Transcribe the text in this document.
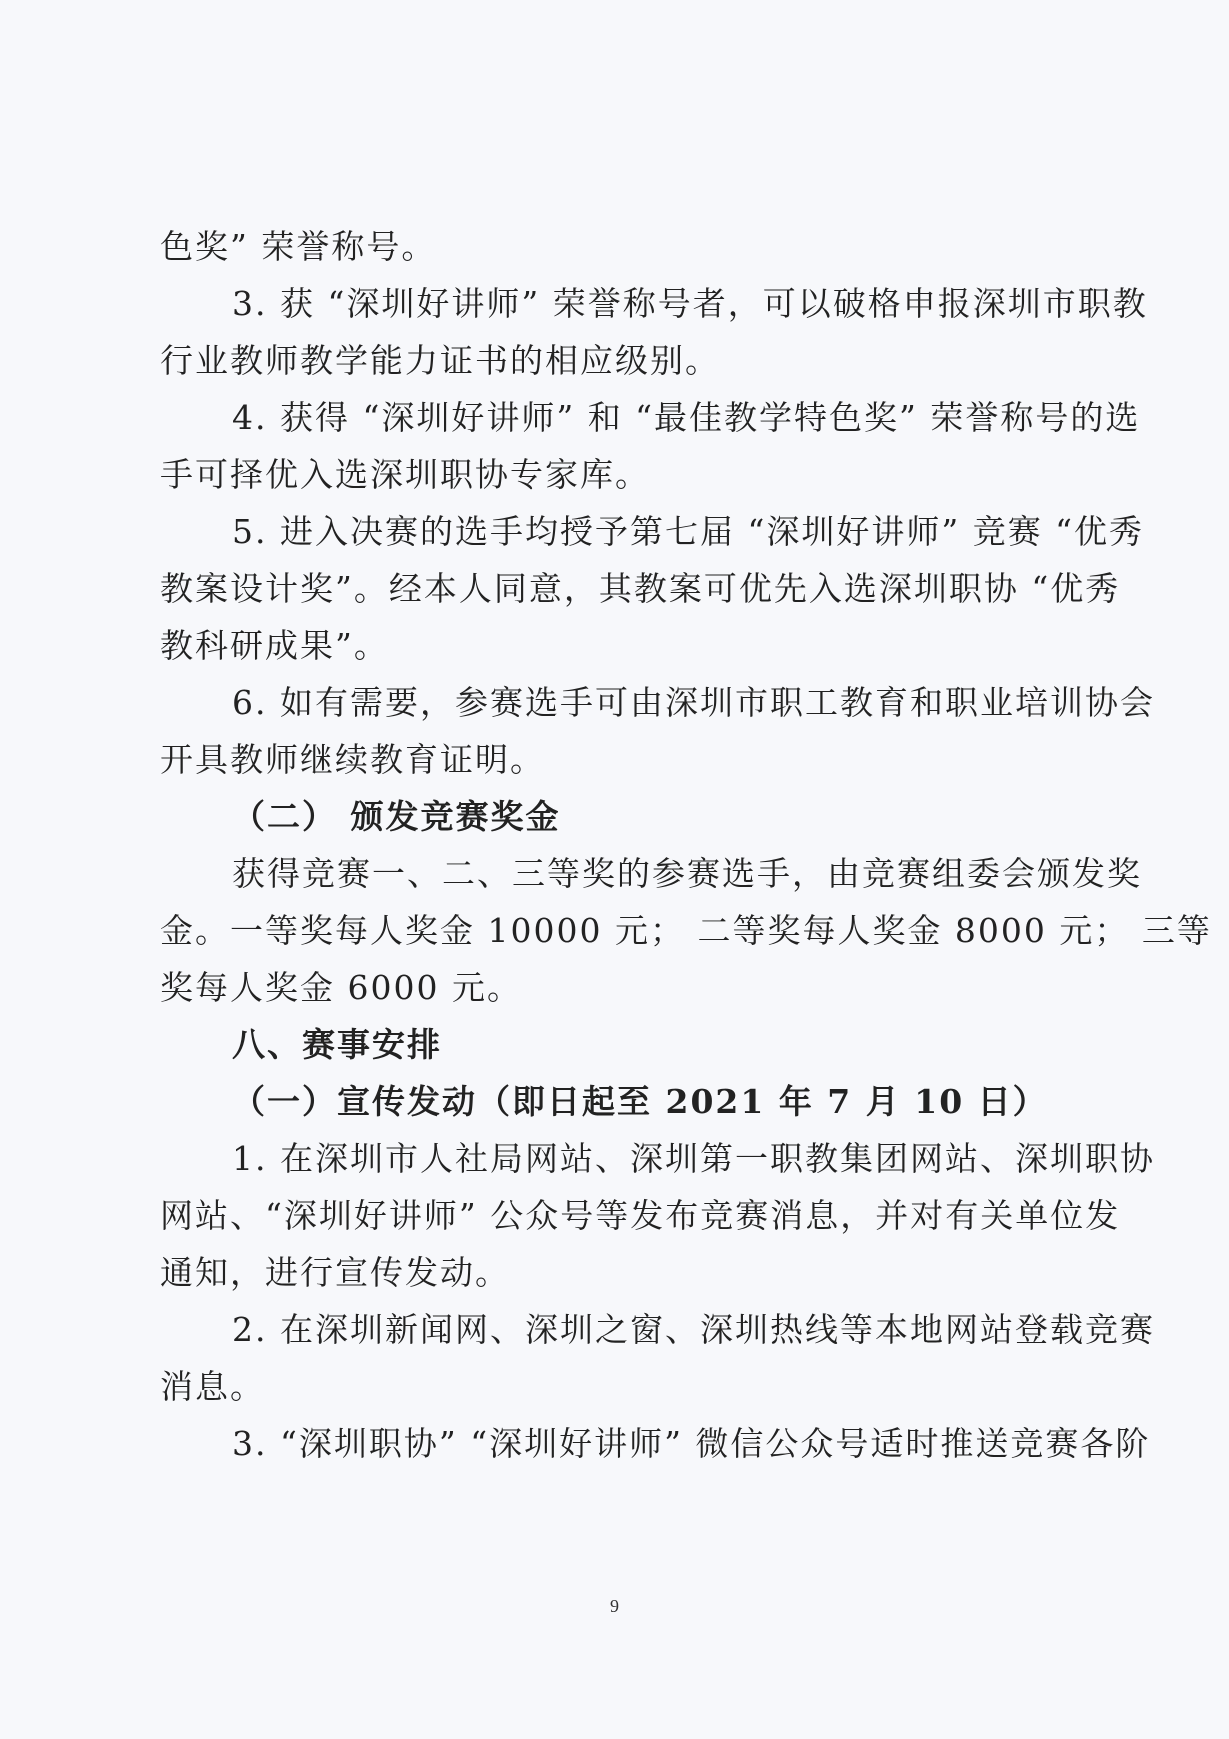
色奖” 荣誉称号。
3. 获 “深圳好讲师” 荣誉称号者，可以破格申报深圳市职教
行业教师教学能力证书的相应级别。
4. 获得 “深圳好讲师” 和 “最佳教学特色奖” 荣誉称号的选
手可择优入选深圳职协专家库。
5. 进入决赛的选手均授予第七届 “深圳好讲师” 竞赛 “优秀
教案设计奖”。经本人同意，其教案可优先入选深圳职协 “优秀
教科研成果”。
6. 如有需要，参赛选手可由深圳市职工教育和职业培训协会
开具教师继续教育证明。
（二） 颁发竞赛奖金
获得竞赛一、二、三等奖的参赛选手，由竞赛组委会颁发奖
金。一等奖每人奖金 10000 元； 二等奖每人奖金 8000 元； 三等
奖每人奖金 6000 元。
八、赛事安排
（一）宣传发动（即日起至 2021 年 7 月 10 日）
1. 在深圳市人社局网站、深圳第一职教集团网站、深圳职协
网站、“深圳好讲师” 公众号等发布竞赛消息，并对有关单位发
通知，进行宣传发动。
2. 在深圳新闻网、深圳之窗、深圳热线等本地网站登载竞赛
消息。
3. “深圳职协” “深圳好讲师” 微信公众号适时推送竞赛各阶
9
